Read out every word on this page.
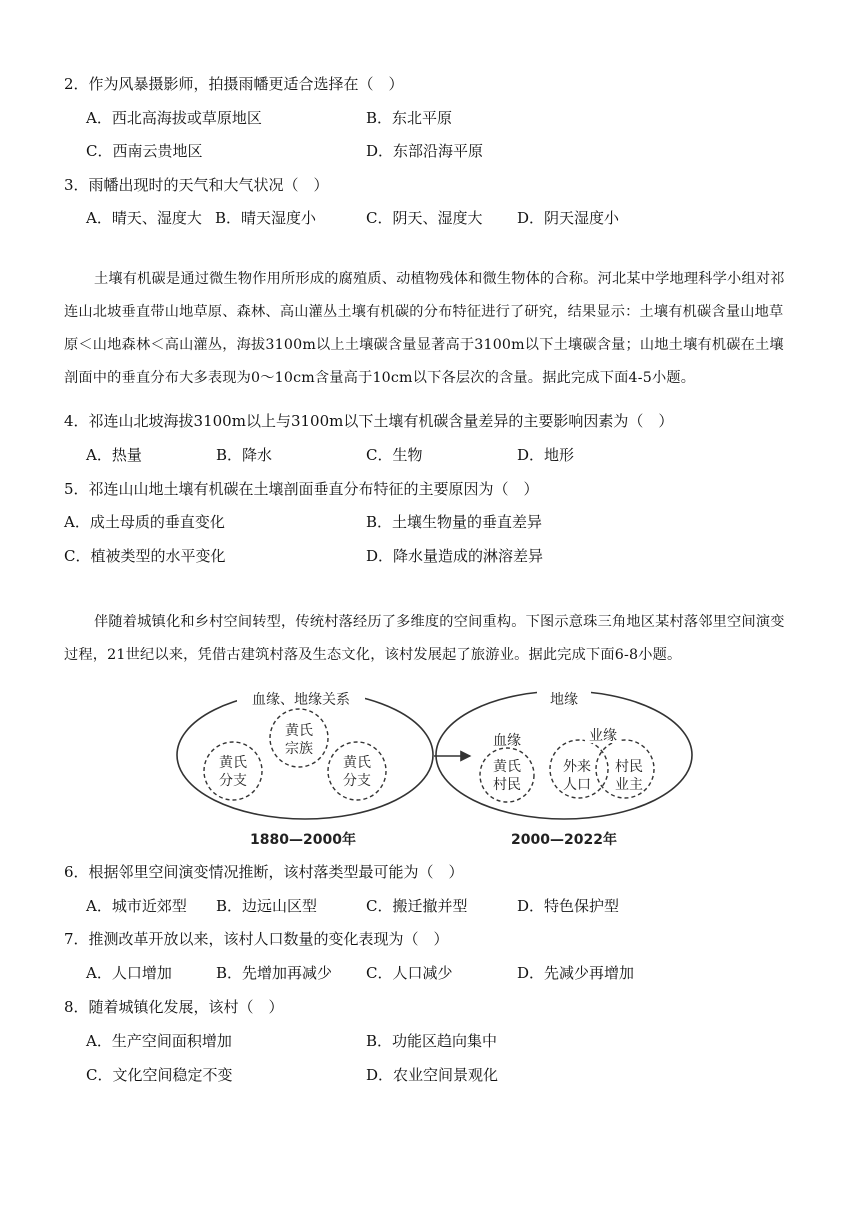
2．作为风暴摄影师，拍摄雨幡更适合选择在（　）
A．西北高海拔或草原地区	B．东北平原
C．西南云贵地区	D．东部沿海平原
3．雨幡出现时的天气和大气状况（　）
A．晴天、湿度大 B．晴天湿度小	C．阴天、湿度大 D．阴天湿度小
土壤有机碳是通过微生物作用所形成的腐殖质、动植物残体和微生物体的合称。河北某中学地理科学小组对祁连山北坡垂直带山地草原、森林、高山灌丛土壤有机碳的分布特征进行了研究，结果显示：土壤有机碳含量山地草原＜山地森林＜高山灌丛，海拔3100m以上土壤碳含量显著高于3100m以下土壤碳含量；山地土壤有机碳在土壤剖面中的垂直分布大多表现为0～10cm含量高于10cm以下各层次的含量。据此完成下面4-5小题。
4．祁连山北坡海拔3100m以上与3100m以下土壤有机碳含量差异的主要影响因素为（　）
A．热量	B．降水	C．生物	D．地形
5．祁连山山地土壤有机碳在土壤剖面垂直分布特征的主要原因为（　）
A．成土母质的垂直变化	B．土壤生物量的垂直差异
C．植被类型的水平变化	D．降水量造成的淋溶差异
伴随着城镇化和乡村空间转型，传统村落经历了多维度的空间重构。下图示意珠三角地区某村落邻里空间演变过程，21世纪以来，凭借古建筑村落及生态文化，该村发展起了旅游业。据此完成下面6-8小题。
血缘、地缘关系
黄氏
宗族
黄氏
分支
黄氏
分支
1880—2000年
地缘
血缘
黄氏
村民
业缘
外来
人口
村民
业主
2000—2022年
6．根据邻里空间演变情况推断，该村落类型最可能为（　）
A．城市近郊型 B．边远山区型	C．搬迁撤并型	D．特色保护型
7．推测改革开放以来，该村人口数量的变化表现为（　）
A．人口增加	B．先增加再减少 C．人口减少	D．先减少再增加
8．随着城镇化发展，该村（　）
A．生产空间面积增加	B．功能区趋向集中
C．文化空间稳定不变	D．农业空间景观化
